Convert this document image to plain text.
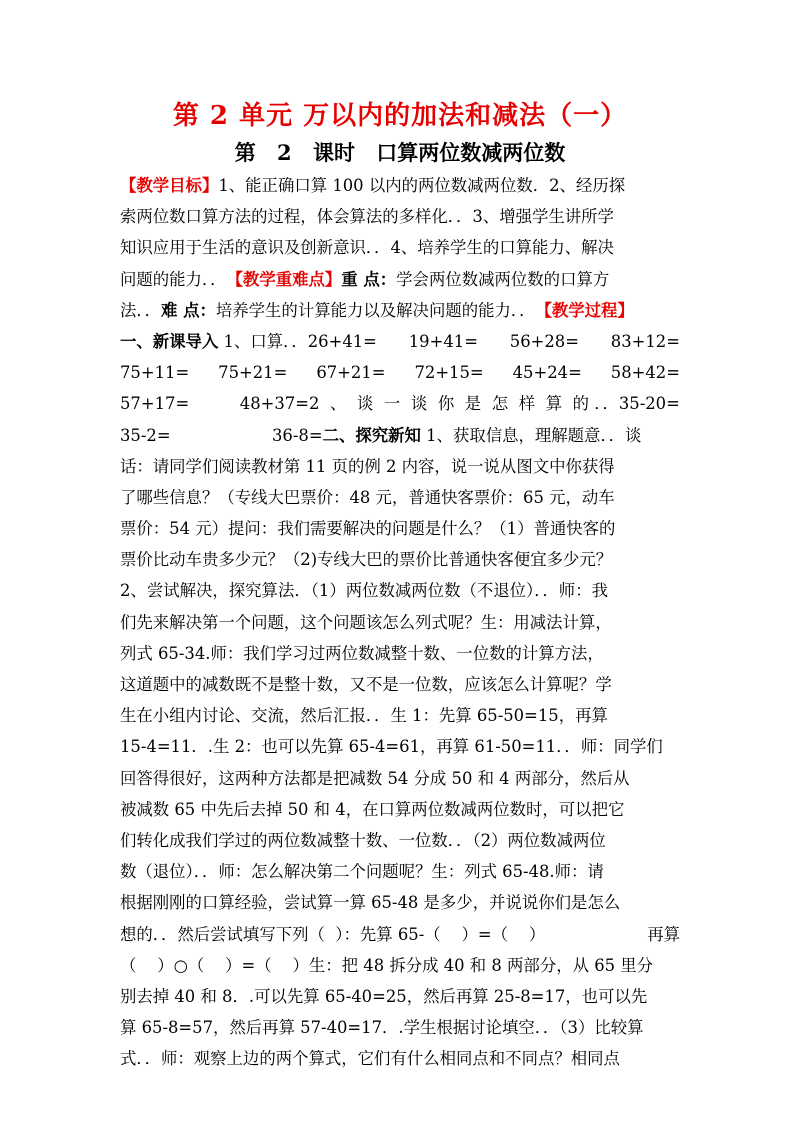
第 2 单元 万以内的加法和减法（一）
第 2 课时 口算两位数减两位数
【教学目标】 1、能正确口算 100 以内的两位数减两位数．2、经历探
索两位数口算方法的过程，体会算法的多样化．．3、增强学生讲所学
知识应用于生活的意识及创新意识．．4、培养学生的口算能力、解决
问题的能力．． 【教学重难点】 重 点： 学会两位数减两位数的口算方
法．． 难 点： 培养学生的计算能力以及解决问题的能力．． 【教学过程】
一、新课导入 1、口算．．26+41= 19+41= 56+28= 83+12=
75+11= 75+21= 67+21= 72+15= 45+24= 58+42=
57+17=	48+37=2 、 谈 一 谈 你 是 怎 样 算 的 ．．35-20=
35-2=	36-8= 二、探究新知 1、获取信息，理解题意．．谈
话：请同学们阅读教材第 11 页的例 2 内容，说一说从图文中你获得
了哪些信息？（专线大巴票价：48 元，普通快客票价：65 元，动车
票价：54 元）提问：我们需要解决的问题是什么？（1）普通快客的
票价比动车贵多少元？（2)专线大巴的票价比普通快客便宜多少元？
2、尝试解决，探究算法．（1）两位数减两位数（不退位）．．师：我
们先来解决第一个问题，这个问题该怎么列式呢？生：用减法计算，
列式 65-34.师：我们学习过两位数减整十数、一位数的计算方法，
这道题中的减数既不是整十数，又不是一位数，应该怎么计算呢？学
生在小组内讨论、交流，然后汇报．．生 1：先算 65-50=15，再算
15-4=11．.生 2：也可以先算 65-4=61，再算 61-50=11．．师：同学们
回答得很好，这两种方法都是把减数 54 分成 50 和 4 两部分，然后从
被减数 65 中先后去掉 50 和 4，在口算两位数减两位数时，可以把它
们转化成我们学过的两位数减整十数、一位数．．（2）两位数减两位
数（退位）．．师：怎么解决第二个问题呢？生：列式 65-48.师：请
根据刚刚的口算经验，尝试算一算 65-48 是多少，并说说你们是怎么
想的．．然后尝试填写下列（  ）：先算 65-（    ）=（    ）	再算
（    ）○（    ）=（    ）生：把 48 拆分成 40 和 8 两部分，从 65 里分
别去掉 40 和 8．.可以先算 65-40=25，然后再算 25-8=17，也可以先
算 65-8=57，然后再算 57-40=17．.学生根据讨论填空．．（3）比较算
式．．师：观察上边的两个算式，它们有什么相同点和不同点？相同点
